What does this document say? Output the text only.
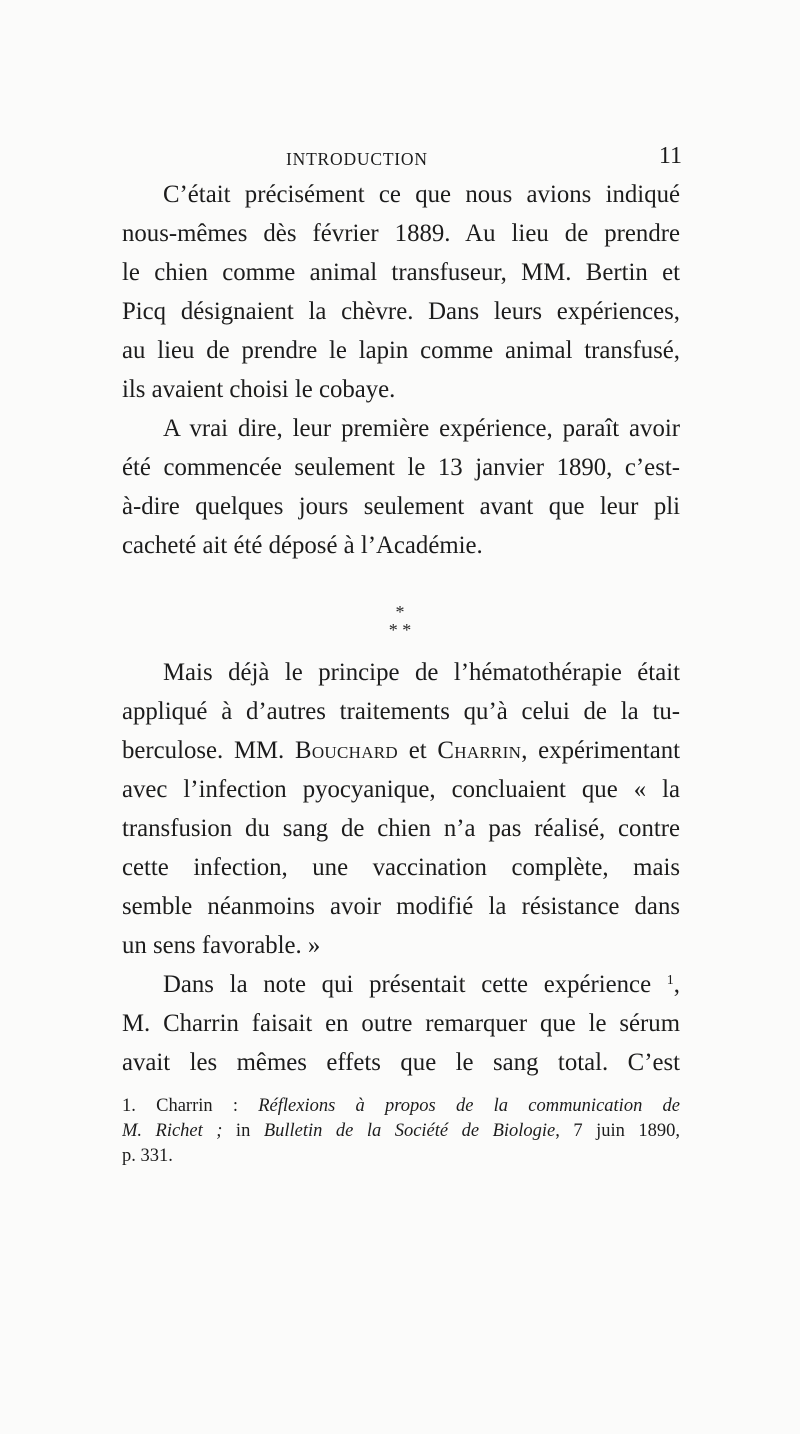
INTRODUCTION	11
C’était précisément ce que nous avions indiqué
nous-mêmes dès février 1889. Au lieu de prendre
le chien comme animal transfuseur, MM. Bertin et
Picq désignaient la chèvre. Dans leurs expériences,
au lieu de prendre le lapin comme animal transfusé,
ils avaient choisi le cobaye.
A vrai dire, leur première expérience, paraît avoir
été commencée seulement le 13 janvier 1890, c’est-
à-dire quelques jours seulement avant que leur pli
cacheté ait été déposé à l’Académie.
*
* *
Mais déjà le principe de l’hématothérapie était
appliqué à d’autres traitements qu’à celui de la tu-
berculose. MM. Bouchard et Charrin, expérimentant
avec l’infection pyocyanique, concluaient que « la
transfusion du sang de chien n’a pas réalisé, contre
cette infection, une vaccination complète, mais
semble néanmoins avoir modifié la résistance dans
un sens favorable. »
Dans la note qui présentait cette expérience $^1$,
M. Charrin faisait en outre remarquer que le sérum
avait les mêmes effets que le sang total. C’est
1. Charrin : Réflexions à propos de la communication de
M. Richet ; in Bulletin de la Société de Biologie, 7 juin 1890,
p. 331.
